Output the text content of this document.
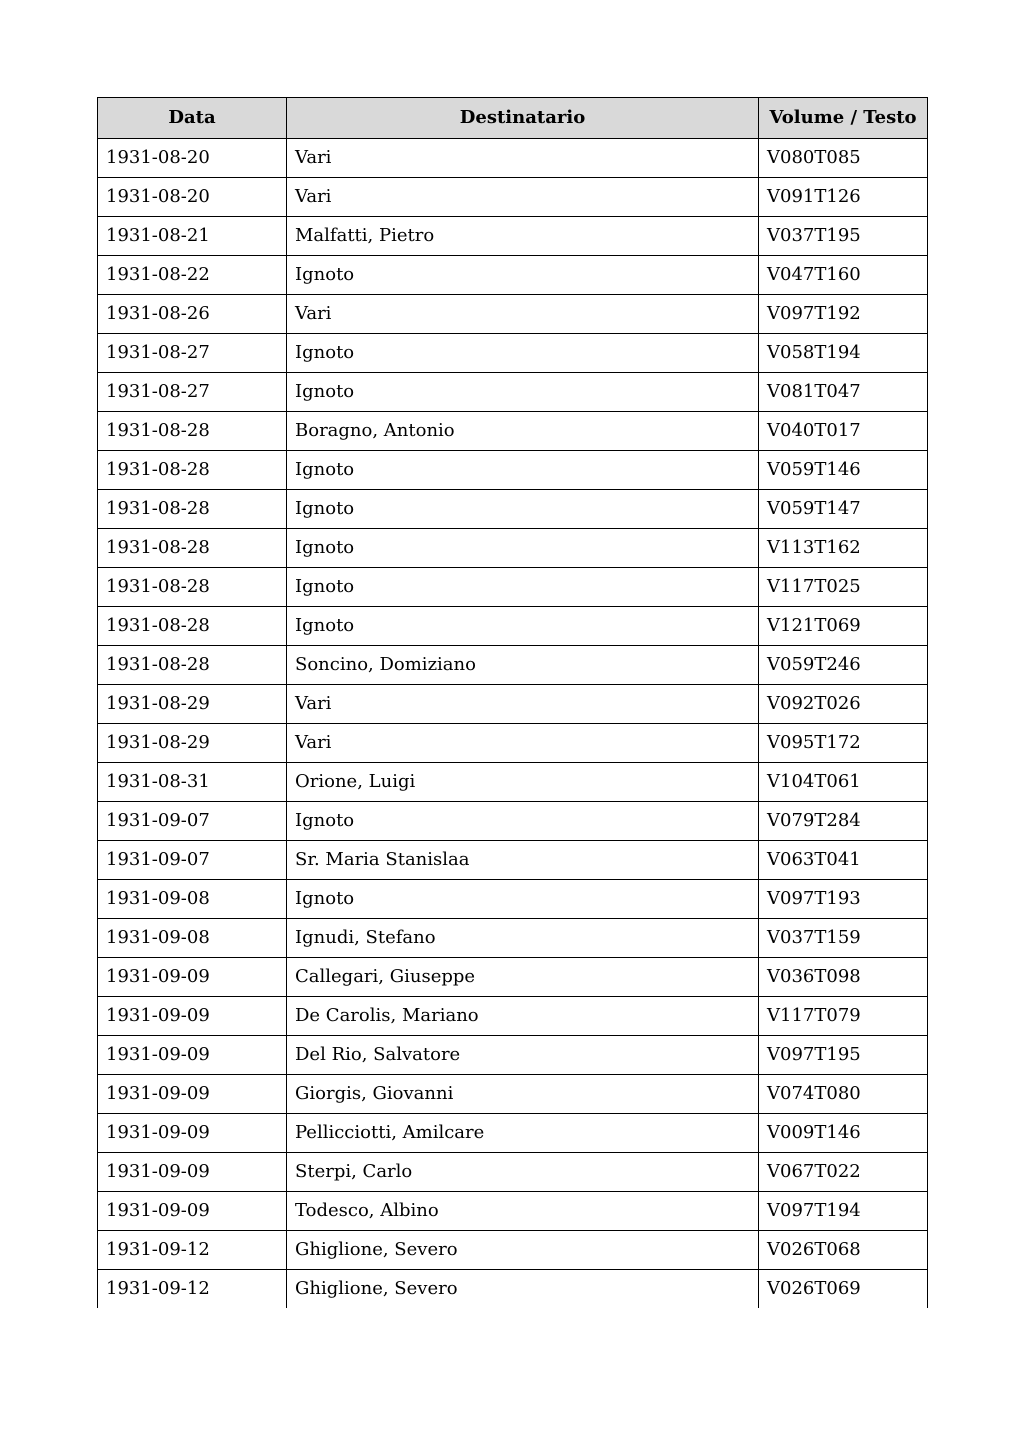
Data	Destinatario	Volume / Testo
1931-08-20	Vari	V080T085
1931-08-20	Vari	V091T126
1931-08-21	Malfatti, Pietro	V037T195
1931-08-22	Ignoto	V047T160
1931-08-26	Vari	V097T192
1931-08-27	Ignoto	V058T194
1931-08-27	Ignoto	V081T047
1931-08-28	Boragno, Antonio	V040T017
1931-08-28	Ignoto	V059T146
1931-08-28	Ignoto	V059T147
1931-08-28	Ignoto	V113T162
1931-08-28	Ignoto	V117T025
1931-08-28	Ignoto	V121T069
1931-08-28	Soncino, Domiziano	V059T246
1931-08-29	Vari	V092T026
1931-08-29	Vari	V095T172
1931-08-31	Orione, Luigi	V104T061
1931-09-07	Ignoto	V079T284
1931-09-07	Sr. Maria Stanislaa	V063T041
1931-09-08	Ignoto	V097T193
1931-09-08	Ignudi, Stefano	V037T159
1931-09-09	Callegari, Giuseppe	V036T098
1931-09-09	De Carolis, Mariano	V117T079
1931-09-09	Del Rio, Salvatore	V097T195
1931-09-09	Giorgis, Giovanni	V074T080
1931-09-09	Pellicciotti, Amilcare	V009T146
1931-09-09	Sterpi, Carlo	V067T022
1931-09-09	Todesco, Albino	V097T194
1931-09-12	Ghiglione, Severo	V026T068
1931-09-12	Ghiglione, Severo	V026T069
